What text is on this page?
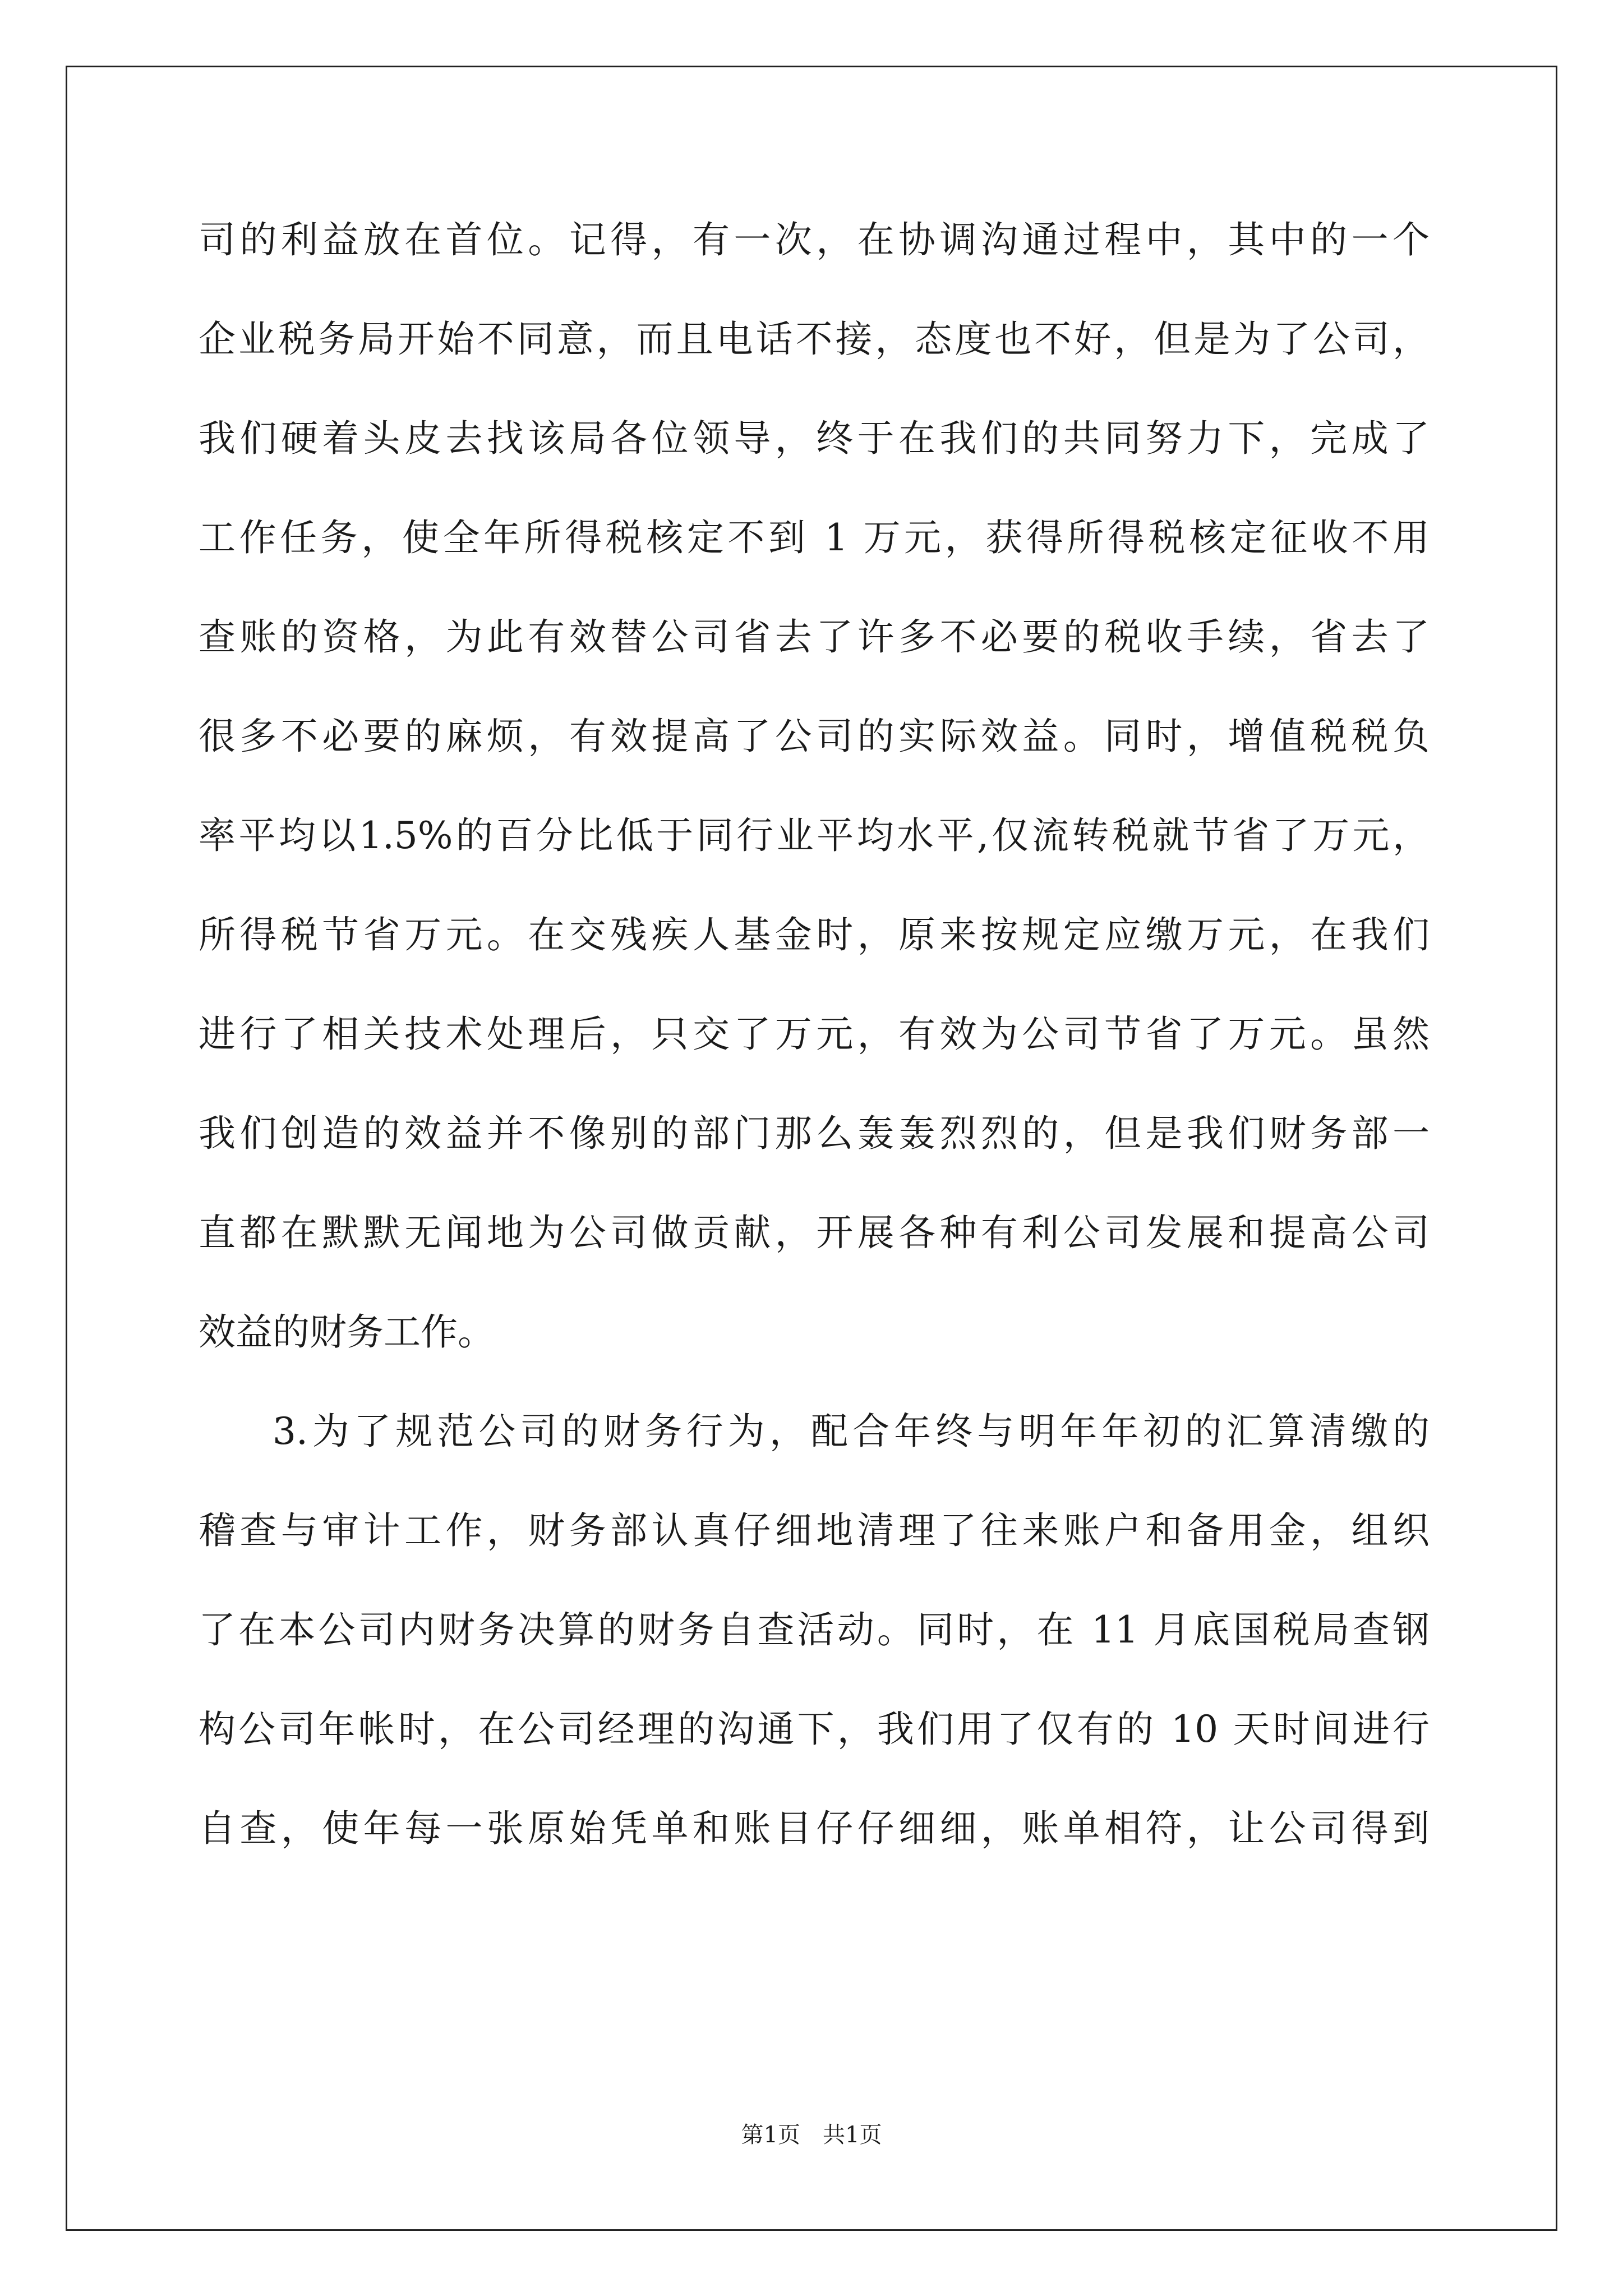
司的利益放在首位。记得，有一次，在协调沟通过程中，其中的一个
企业税务局开始不同意，而且电话不接，态度也不好，但是为了公司，
我们硬着头皮去找该局各位领导，终于在我们的共同努力下，完成了
工作任务，使全年所得税核定不到 1 万元，获得所得税核定征收不用
查账的资格，为此有效替公司省去了许多不必要的税收手续，省去了
很多不必要的麻烦，有效提高了公司的实际效益。同时，增值税税负
率平均以1.5%的百分比低于同行业平均水平,仅流转税就节省了万元，
所得税节省万元。在交残疾人基金时，原来按规定应缴万元，在我们
进行了相关技术处理后，只交了万元，有效为公司节省了万元。虽然
我们创造的效益并不像别的部门那么轰轰烈烈的，但是我们财务部一
直都在默默无闻地为公司做贡献，开展各种有利公司发展和提高公司
效益的财务工作。
3.为了规范公司的财务行为，配合年终与明年年初的汇算清缴的
稽查与审计工作，财务部认真仔细地清理了往来账户和备用金，组织
了在本公司内财务决算的财务自查活动。同时，在 11 月底国税局查钢
构公司年帐时，在公司经理的沟通下，我们用了仅有的 10 天时间进行
自查，使年每一张原始凭单和账目仔仔细细，账单相符，让公司得到
第1页　共1页
